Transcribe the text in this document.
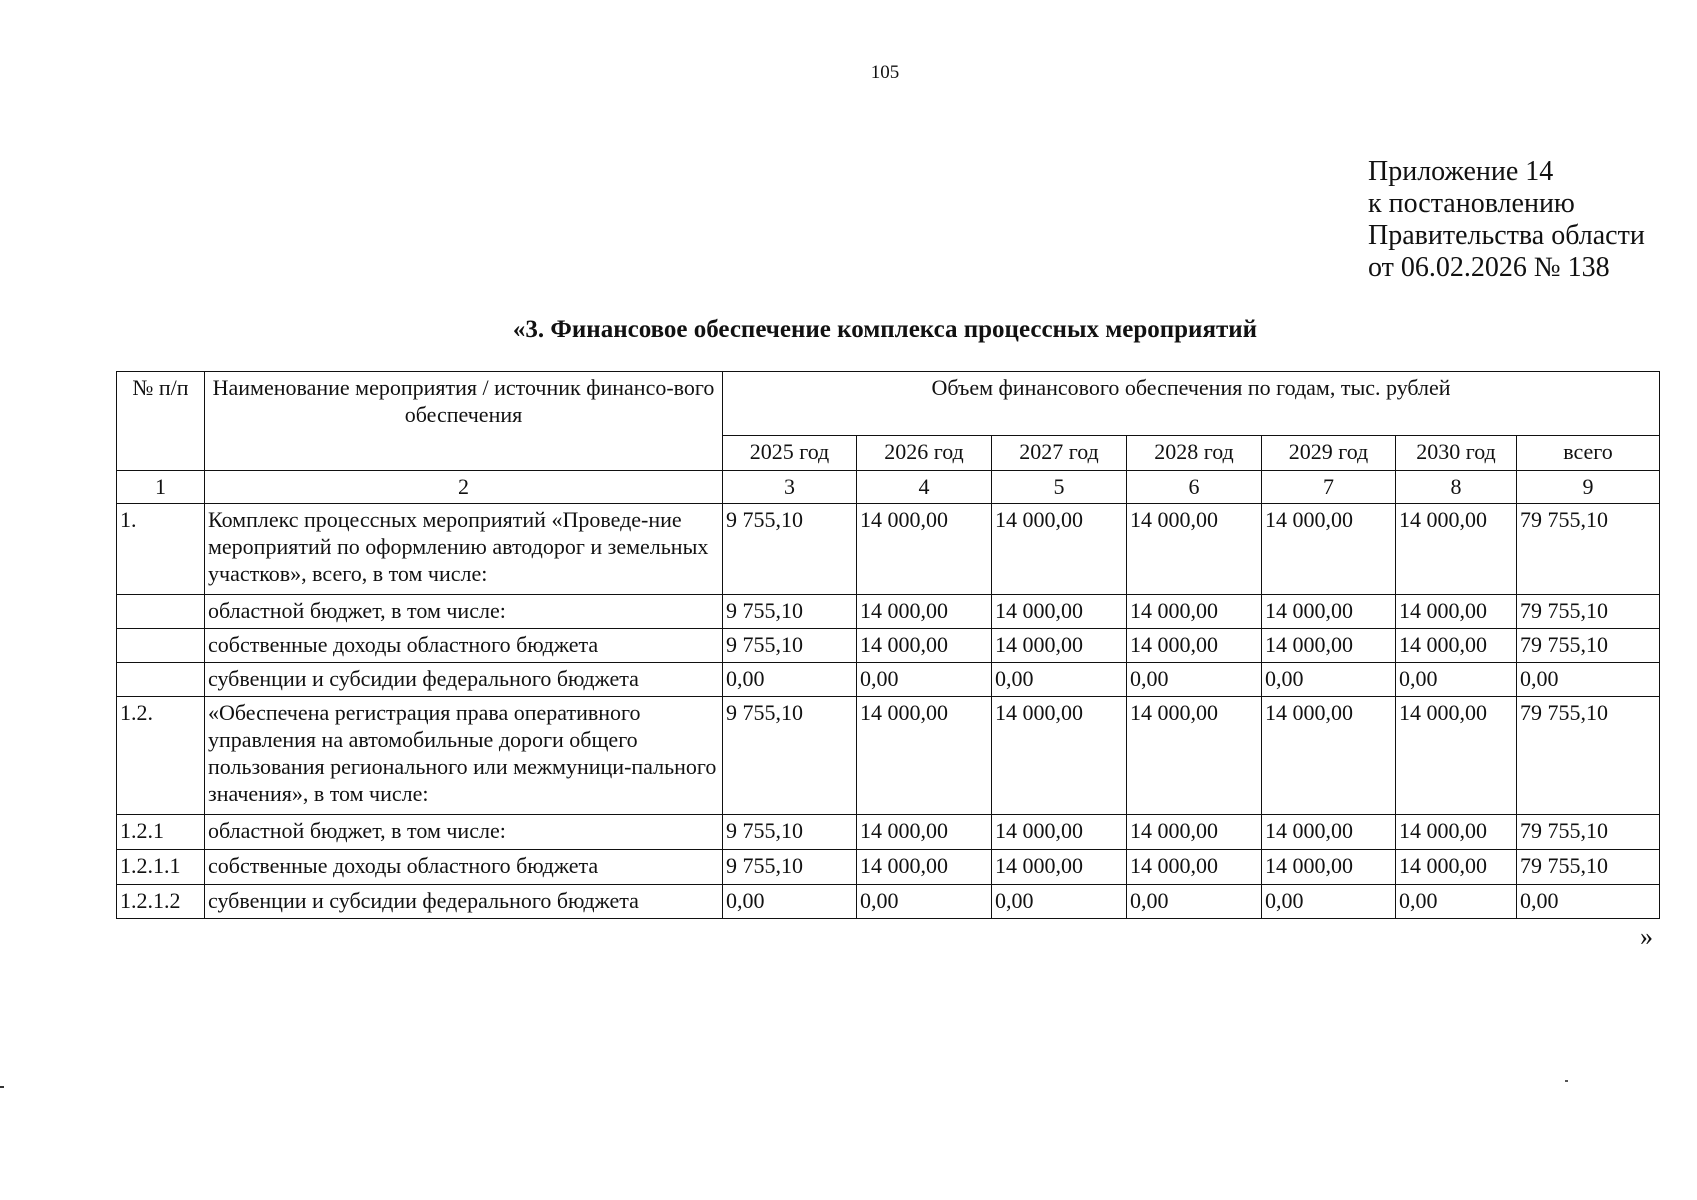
105
Приложение 14
к постановлению
Правительства области
от 06.02.2026 № 138
«3. Финансовое обеспечение комплекса процессных мероприятий
№ п/п	Наименование мероприятия / источник финансо-вого обеспечения	Объем финансового обеспечения по годам, тыс. рублей						
		2025 год	2026 год	2027 год	2028 год	2029 год	2030 год	всего
1	2	3	4	5	6	7	8	9
1.	Комплекс процессных мероприятий «Проведе-ние мероприятий по оформлению автодорог и земельных участков», всего, в том числе:	9 755,10	14 000,00	14 000,00	14 000,00	14 000,00	14 000,00	79 755,10
	областной бюджет, в том числе:	9 755,10	14 000,00	14 000,00	14 000,00	14 000,00	14 000,00	79 755,10
	собственные доходы областного бюджета	9 755,10	14 000,00	14 000,00	14 000,00	14 000,00	14 000,00	79 755,10
	субвенции и субсидии федерального бюджета	0,00	0,00	0,00	0,00	0,00	0,00	0,00
1.2.	«Обеспечена регистрация права оперативного управления на автомобильные дороги общего пользования регионального или межмуници-пального значения», в том числе:	9 755,10	14 000,00	14 000,00	14 000,00	14 000,00	14 000,00	79 755,10
1.2.1	областной бюджет, в том числе:	9 755,10	14 000,00	14 000,00	14 000,00	14 000,00	14 000,00	79 755,10
1.2.1.1	собственные доходы областного бюджета	9 755,10	14 000,00	14 000,00	14 000,00	14 000,00	14 000,00	79 755,10
1.2.1.2	субвенции и субсидии федерального бюджета	0,00	0,00	0,00	0,00	0,00	0,00	0,00
»
